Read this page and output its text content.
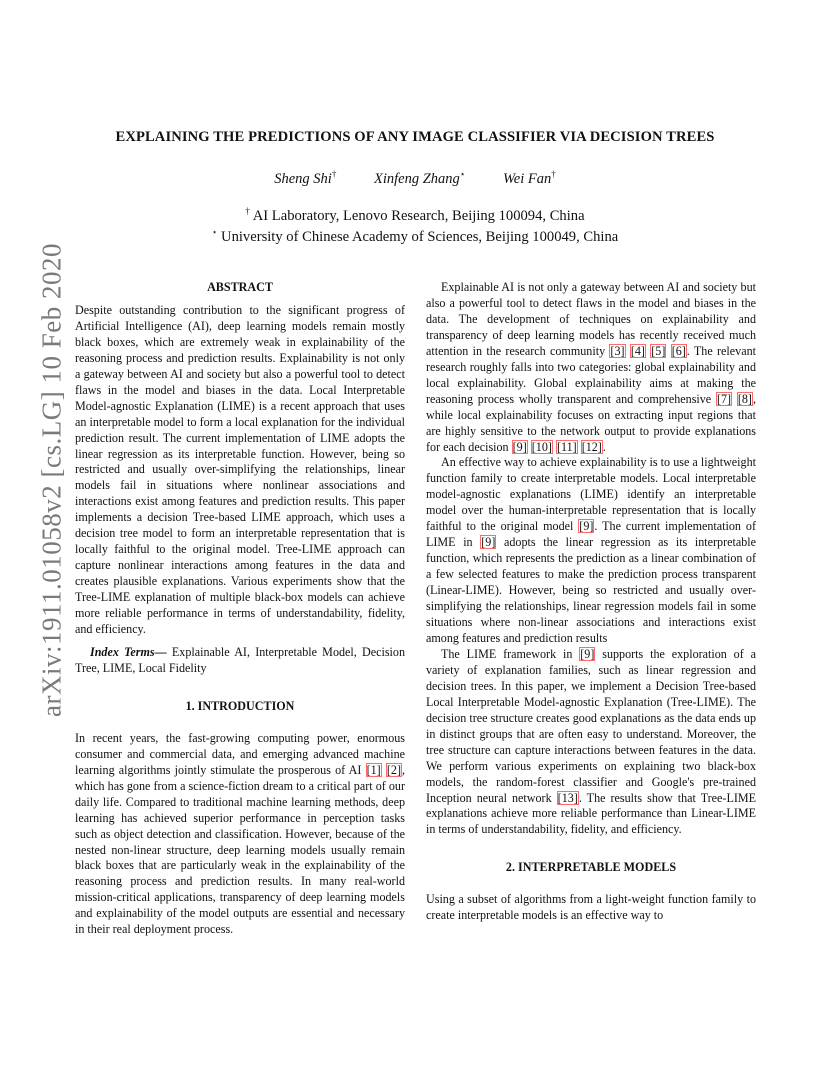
arXiv:1911.01058v2 [cs.LG] 10 Feb 2020
EXPLAINING THE PREDICTIONS OF ANY IMAGE CLASSIFIER VIA DECISION TREES
Sheng Shi†	Xinfeng Zhang⋆	Wei Fan†
† AI Laboratory, Lenovo Research, Beijing 100094, China
⋆ University of Chinese Academy of Sciences, Beijing 100049, China

ABSTRACT

Despite outstanding contribution to the significant progress of Artificial Intelligence (AI), deep learning models remain mostly black boxes, which are extremely weak in explainability of the reasoning process and prediction results. Explainability is not only a gateway between AI and society but also a powerful tool to detect flaws in the model and biases in the data. Local Interpretable Model-agnostic Explanation (LIME) is a recent approach that uses an interpretable model to form a local explanation for the individual prediction result. The current implementation of LIME adopts the linear regression as its interpretable function. However, being so restricted and usually over-simplifying the relationships, linear models fail in situations where nonlinear associations and interactions exist among features and prediction results. This paper implements a decision Tree-based LIME approach, which uses a decision tree model to form an interpretable representation that is locally faithful to the original model. Tree-LIME approach can capture nonlinear interactions among features in the data and creates plausible explanations. Various experiments show that the Tree-LIME explanation of multiple black-box models can achieve more reliable performance in terms of understandability, fidelity, and efficiency.

Index Terms— Explainable AI, Interpretable Model, Decision Tree, LIME, Local Fidelity

1. INTRODUCTION

In recent years, the fast-growing computing power, enormous consumer and commercial data, and emerging advanced machine learning algorithms jointly stimulate the prosperous of AI [1] [2], which has gone from a science-fiction dream to a critical part of our daily life. Compared to traditional machine learning methods, deep learning has achieved superior performance in perception tasks such as object detection and classification. However, because of the nested non-linear structure, deep learning models usually remain black boxes that are particularly weak in the explainability of the reasoning process and prediction results. In many real-world mission-critical applications, transparency of deep learning models and explainability of the model outputs are essential and necessary in their real deployment process.

Explainable AI is not only a gateway between AI and society but also a powerful tool to detect flaws in the model and biases in the data. The development of techniques on explainability and transparency of deep learning models has recently received much attention in the research community [3] [4] [5] [6]. The relevant research roughly falls into two categories: global explainability and local explainability. Global explainability aims at making the reasoning process wholly transparent and comprehensive [7] [8], while local explainability focuses on extracting input regions that are highly sensitive to the network output to provide explanations for each decision [9] [10] [11] [12].

An effective way to achieve explainability is to use a lightweight function family to create interpretable models. Local interpretable model-agnostic explanations (LIME) identify an interpretable model over the human-interpretable representation that is locally faithful to the original model [9]. The current implementation of LIME in [9] adopts the linear regression as its interpretable function, which represents the prediction as a linear combination of a few selected features to make the prediction process transparent (Linear-LIME). However, being so restricted and usually over-simplifying the relationships, linear regression models fail in some situations where non-linear associations and interactions exist among features and prediction results

The LIME framework in [9] supports the exploration of a variety of explanation families, such as linear regression and decision trees. In this paper, we implement a Decision Tree-based Local Interpretable Model-agnostic Explanation (Tree-LIME). The decision tree structure creates good explanations as the data ends up in distinct groups that are often easy to understand. Moreover, the tree structure can capture interactions between features in the data. We perform various experiments on explaining two black-box models, the random-forest classifier and Google's pre-trained Inception neural network [13]. The results show that Tree-LIME explanations achieve more reliable performance than Linear-LIME in terms of understandability, fidelity, and efficiency.

2. INTERPRETABLE MODELS

Using a subset of algorithms from a light-weight function family to create interpretable models is an effective way to
